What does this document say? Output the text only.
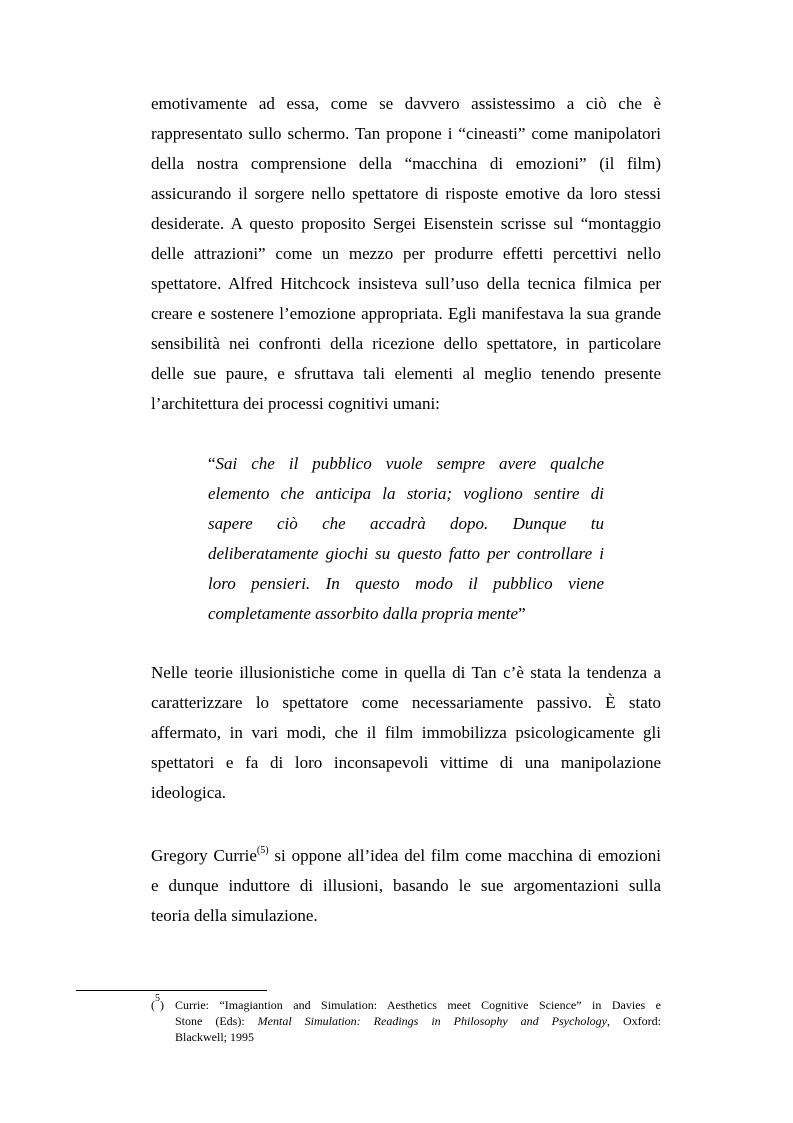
emotivamente ad essa, come se davvero assistessimo a ciò che è
rappresentato sullo schermo. Tan propone i “cineasti” come manipolatori
della nostra comprensione della “macchina di emozioni” (il film)
assicurando il sorgere nello spettatore di risposte emotive da loro stessi
desiderate. A questo proposito Sergei Eisenstein scrisse sul “montaggio
delle attrazioni” come un mezzo per produrre effetti percettivi nello
spettatore. Alfred Hitchcock insisteva sull’uso della tecnica filmica per
creare e sostenere l’emozione appropriata. Egli manifestava la sua grande
sensibilità nei confronti della ricezione dello spettatore, in particolare
delle sue paure, e sfruttava tali elementi al meglio tenendo presente
l’architettura dei processi cognitivi umani:
“Sai che il pubblico vuole sempre avere qualche
elemento che anticipa la storia; vogliono sentire di
sapere ciò che accadrà dopo. Dunque tu
deliberatamente giochi su questo fatto per controllare i
loro pensieri. In questo modo il pubblico viene
completamente assorbito dalla propria mente”
Nelle teorie illusionistiche come in quella di Tan c’è stata la tendenza a
caratterizzare lo spettatore come necessariamente passivo. È stato
affermato, in vari modi, che il film immobilizza psicologicamente gli
spettatori e fa di loro inconsapevoli vittime di una manipolazione
ideologica.
Gregory Currie$^{(5)}$ si oppone all’idea del film come macchina di emozioni
e dunque induttore di illusioni, basando le sue argomentazioni sulla
teoria della simulazione.
($^5$) Currie: “Imagiantion and Simulation: Aesthetics meet Cognitive Science” in Davies e
Stone (Eds): Mental Simulation: Readings in Philosophy and Psychology, Oxford:
Blackwell; 1995
